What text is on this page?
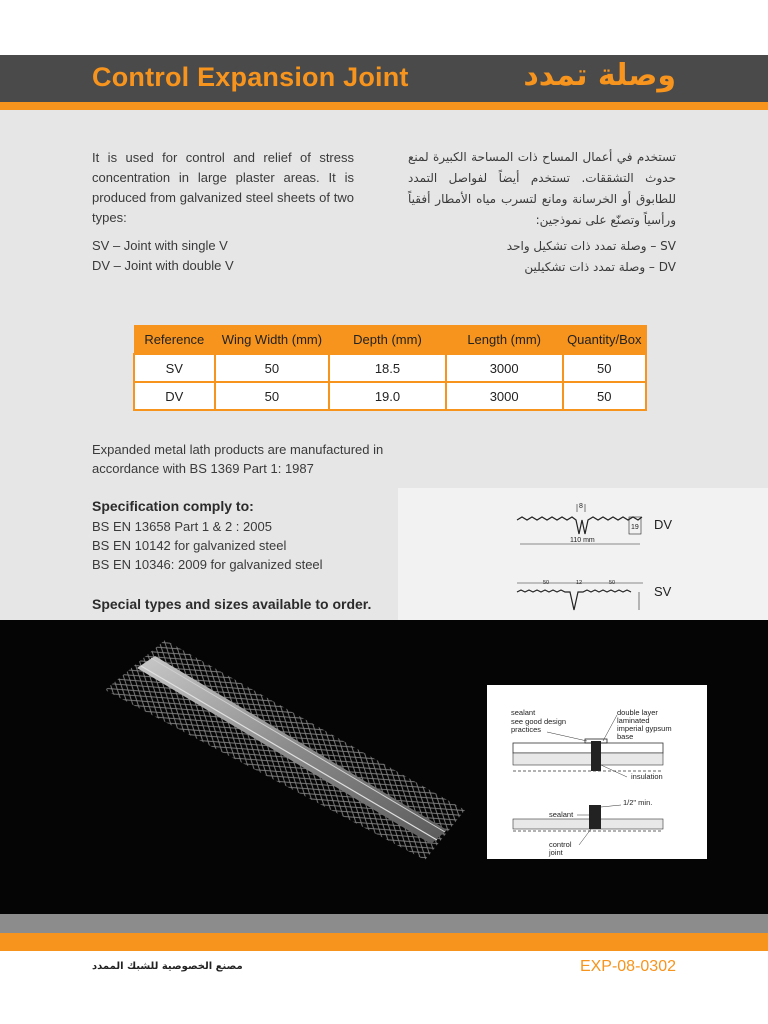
Control Expansion Joint	وصلة تمدد
It is used for control and relief of stress concentration in large plaster areas. It is produced from galvanized steel sheets of two types:
SV – Joint with single V
DV – Joint with double V
تستخدم في أعمال المساح ذات المساحة الكبيرة لمنع حدوث التشققات. تستخدم أيضاً لفواصل التمدد للطابوق أو الخرسانة ومانع لتسرب مياه الأمطار أفقياً ورأسياً وتصنّع على نموذجين:
SV – وصلة تمدد ذات تشكيل واحد
DV – وصلة تمدد ذات تشكيلين
Reference	Wing Width (mm)	Depth (mm)	Length (mm)	Quantity/Box
SV	50	18.5	3000	50
DV	50	19.0	3000	50
Expanded metal lath products are manufactured in accordance with BS 1369 Part 1: 1987
Specification comply to:
BS EN 13658 Part 1 & 2 : 2005
BS EN 10142 for galvanized steel
BS EN 10346: 2009 for galvanized steel
Special types and sizes available to order.
8
19
110 mm
DV
50	12	50
SV
sealant
see good design
practices
double layer
laminated
imperial gypsum
base
insulation
1/2" min.
sealant
control
joint
مصنع الخصوصية للشبك الممدد	EXP-08-0302
